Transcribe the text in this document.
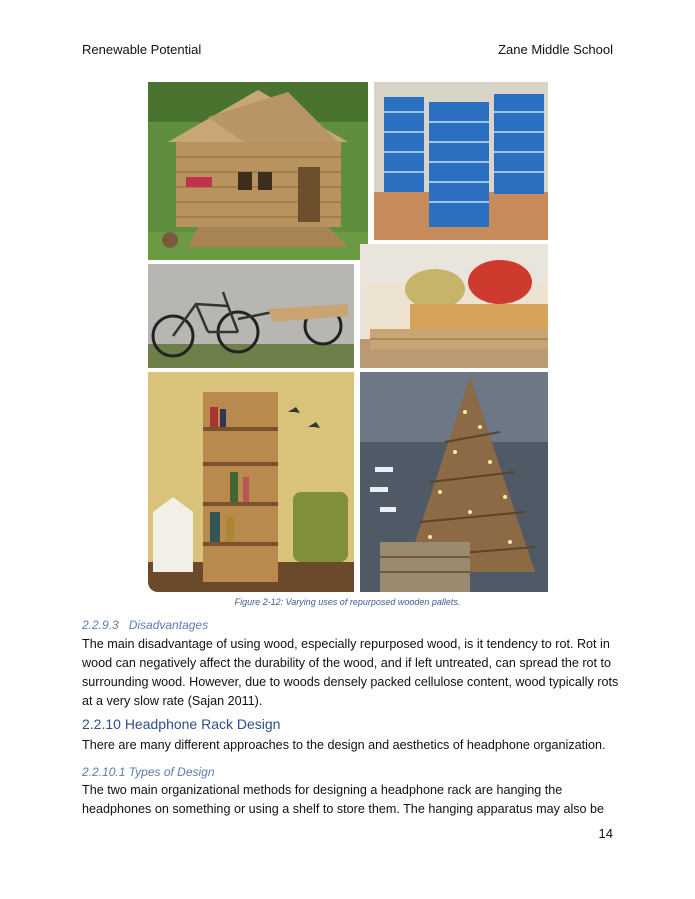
Renewable Potential	Zane Middle School
Figure 2-12: Varying uses of repurposed wooden pallets.
2.2.9.3 Disadvantages
The main disadvantage of using wood, especially repurposed wood, is it tendency to rot. Rot in wood can negatively affect the durability of the wood, and if left untreated, can spread the rot to surrounding wood. However, due to woods densely packed cellulose content, wood typically rots at a very slow rate (Sajan 2011).
2.2.10 Headphone Rack Design
There are many different approaches to the design and aesthetics of headphone organization.
2.2.10.1 Types of Design
The two main organizational methods for designing a headphone rack are hanging the headphones on something or using a shelf to store them. The hanging apparatus may also be
14
